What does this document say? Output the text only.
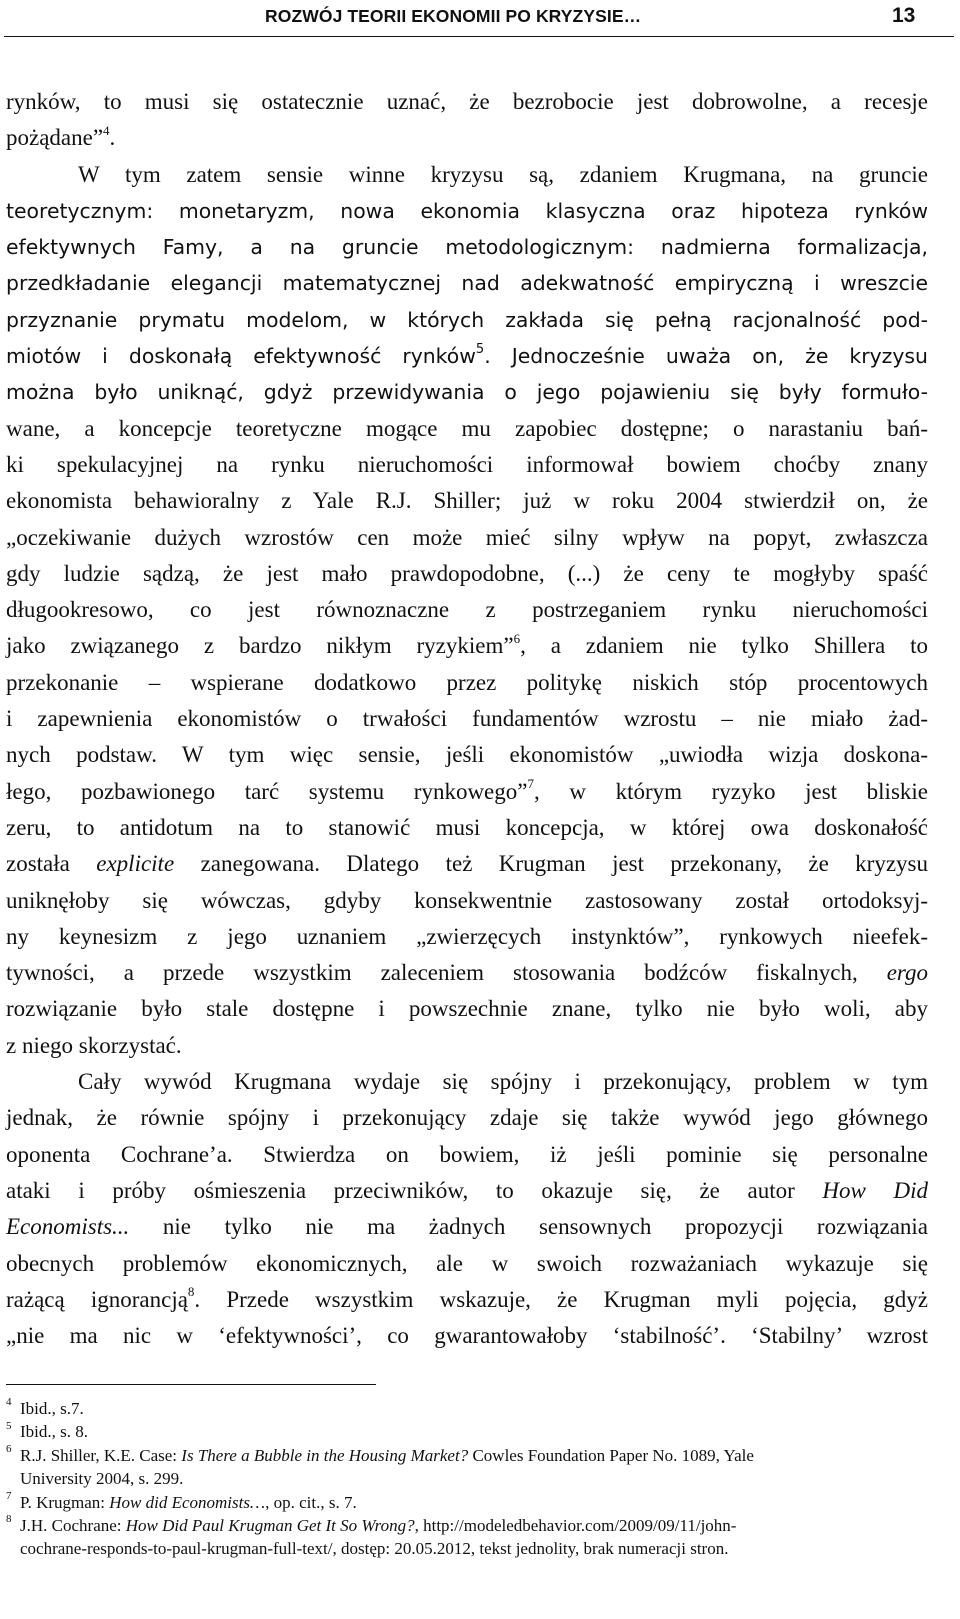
ROZWÓJ TEORII EKONOMII PO KRYZYSIE…	13
rynków, to musi się ostatecznie uznać, że bezrobocie jest dobrowolne, a recesje
pożądane”$^4$.
W tym zatem sensie winne kryzysu są, zdaniem Krugmana, na gruncie
teoretycznym: monetaryzm, nowa ekonomia klasyczna oraz hipoteza rynków
efektywnych Famy, a na gruncie metodologicznym: nadmierna formalizacja,
przedkładanie elegancji matematycznej nad adekwatność empiryczną i wreszcie
przyznanie prymatu modelom, w których zakłada się pełną racjonalność pod-
miotów i doskonałą efektywność rynków$^5$. Jednocześnie uważa on, że kryzysu
można było uniknąć, gdyż przewidywania o jego pojawieniu się były formuło-
wane, a koncepcje teoretyczne mogące mu zapobiec dostępne; o narastaniu bań-
ki spekulacyjnej na rynku nieruchomości informował bowiem choćby znany
ekonomista behawioralny z Yale R.J. Shiller; już w roku 2004 stwierdził on, że
„oczekiwanie dużych wzrostów cen może mieć silny wpływ na popyt, zwłaszcza
gdy ludzie sądzą, że jest mało prawdopodobne, (...) że ceny te mogłyby spaść
długookresowo, co jest równoznaczne z postrzeganiem rynku nieruchomości
jako związanego z bardzo nikłym ryzykiem”$^6$, a zdaniem nie tylko Shillera to
przekonanie – wspierane dodatkowo przez politykę niskich stóp procentowych
i zapewnienia ekonomistów o trwałości fundamentów wzrostu – nie miało żad-
nych podstaw. W tym więc sensie, jeśli ekonomistów „uwiodła wizja doskona-
łego, pozbawionego tarć systemu rynkowego”$^7$, w którym ryzyko jest bliskie
zeru, to antidotum na to stanowić musi koncepcja, w której owa doskonałość
została explicite zanegowana. Dlatego też Krugman jest przekonany, że kryzysu
uniknęłoby się wówczas, gdyby konsekwentnie zastosowany został ortodoksyj-
ny keynesizm z jego uznaniem „zwierzęcych instynktów”, rynkowych nieefek-
tywności, a przede wszystkim zaleceniem stosowania bodźców fiskalnych, ergo
rozwiązanie było stale dostępne i powszechnie znane, tylko nie było woli, aby
z niego skorzystać.
Cały wywód Krugmana wydaje się spójny i przekonujący, problem w tym
jednak, że równie spójny i przekonujący zdaje się także wywód jego głównego
oponenta Cochrane’a. Stwierdza on bowiem, iż jeśli pominie się personalne
ataki i próby ośmieszenia przeciwników, to okazuje się, że autor How Did
Economists... nie tylko nie ma żadnych sensownych propozycji rozwiązania
obecnych problemów ekonomicznych, ale w swoich rozważaniach wykazuje się
rażącą ignorancją$^8$. Przede wszystkim wskazuje, że Krugman myli pojęcia, gdyż
„nie ma nic w ‘efektywności’, co gwarantowałoby ‘stabilność’. ‘Stabilny’ wzrost
$^4$ Ibid., s.7.
$^5$ Ibid., s. 8.
$^6$ R.J. Shiller, K.E. Case: Is There a Bubble in the Housing Market? Cowles Foundation Paper No. 1089, Yale
University 2004, s. 299.
$^7$ P. Krugman: How did Economists…, op. cit., s. 7.
$^8$ J.H. Cochrane: How Did Paul Krugman Get It So Wrong?, http://modeledbehavior.com/2009/09/11/john-
cochrane-responds-to-paul-krugman-full-text/, dostęp: 20.05.2012, tekst jednolity, brak numeracji stron.
